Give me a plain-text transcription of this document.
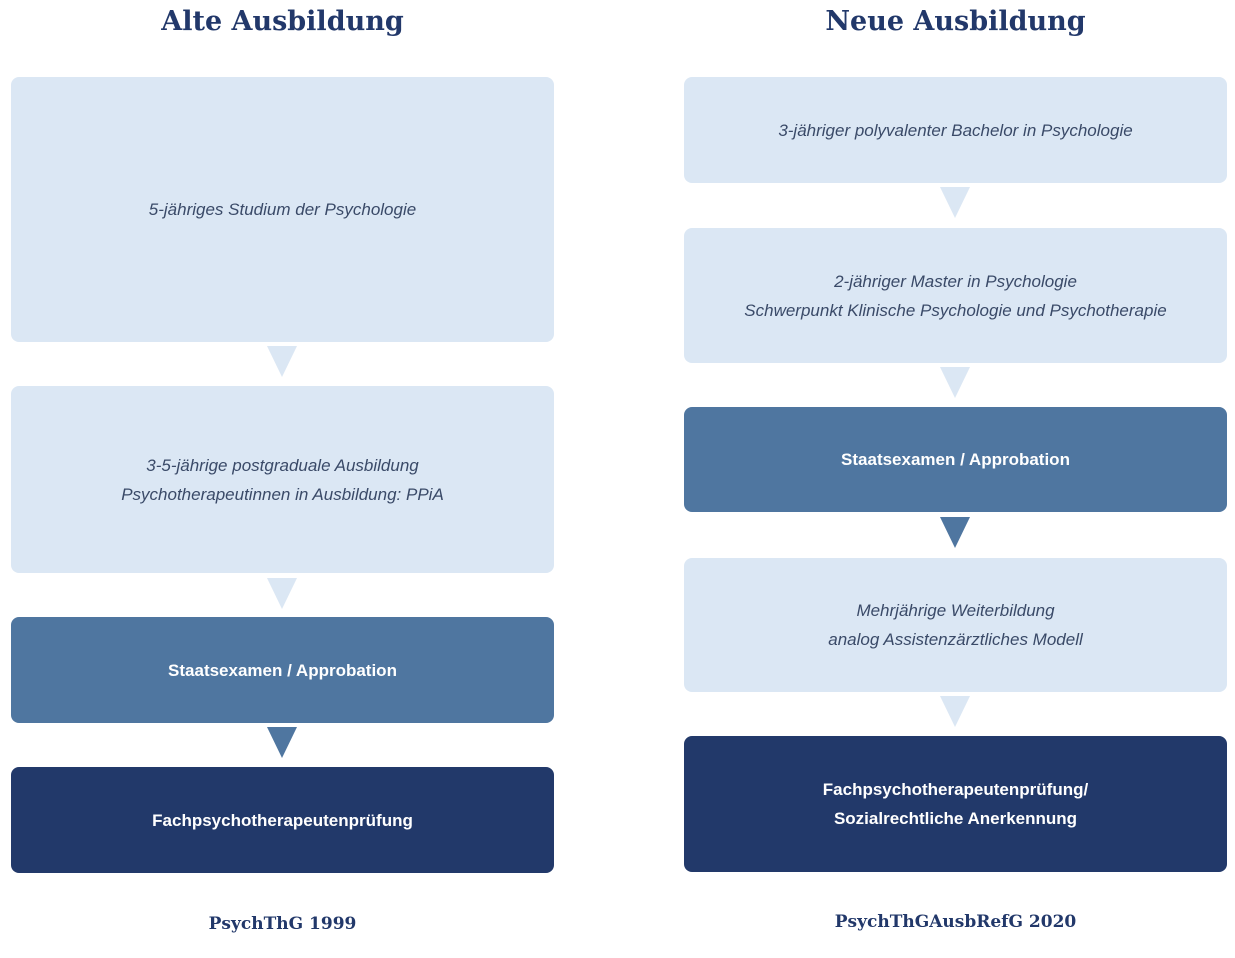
Alte Ausbildung
5-jähriges Studium der Psychologie
3-5-jährige postgraduale Ausbildung
Psychotherapeutinnen in Ausbildung: PPiA
Staatsexamen / Approbation
Fachpsychotherapeutenprüfung
PsychThG 1999
Neue Ausbildung
3-jähriger polyvalenter Bachelor in Psychologie
2-jähriger Master in Psychologie
Schwerpunkt Klinische Psychologie und Psychotherapie
Staatsexamen / Approbation
Mehrjährige Weiterbildung
analog Assistenzärztliches Modell
Fachpsychotherapeutenprüfung/
Sozialrechtliche Anerkennung
PsychThGAusbRefG 2020
